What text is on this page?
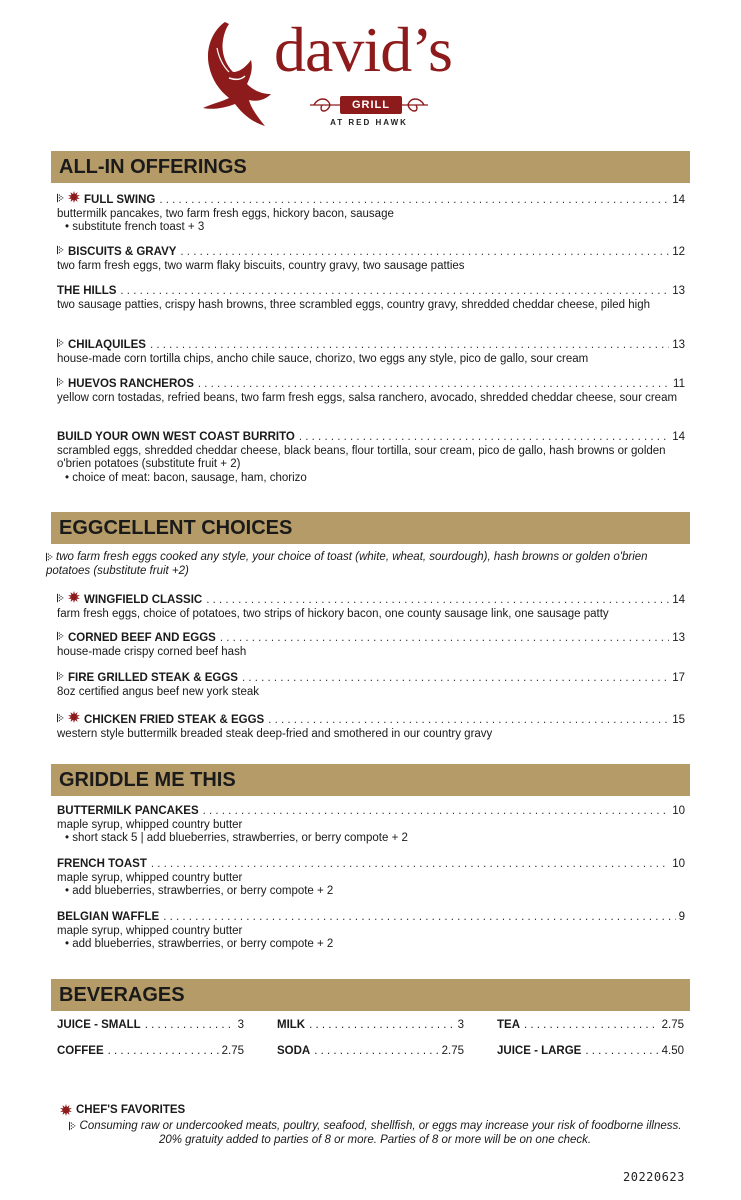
david’s
GRILL
AT RED HAWK
ALL-IN OFFERINGS
FULL SWING . . .	14
buttermilk pancakes, two farm fresh eggs, hickory bacon, sausage
• substitute french toast + 3
BISCUITS & GRAVY . . .	12
two farm fresh eggs, two warm flaky biscuits, country gravy, two sausage patties
THE HILLS . . .	13
two sausage patties, crispy hash browns, three scrambled eggs, country gravy, shredded cheddar cheese, piled high
CHILAQUILES . . .	13
house-made corn tortilla chips, ancho chile sauce, chorizo, two eggs any style, pico de gallo, sour cream
HUEVOS RANCHEROS . . .	11
yellow corn tostadas, refried beans, two farm fresh eggs, salsa ranchero, avocado, shredded cheddar cheese, sour cream
BUILD YOUR OWN WEST COAST BURRITO . . .	14
scrambled eggs, shredded cheddar cheese, black beans, flour tortilla, sour cream, pico de gallo, hash browns or golden o'brien potatoes (substitute fruit + 2)
• choice of meat: bacon, sausage, ham, chorizo
EGGCELLENT CHOICES
two farm fresh eggs cooked any style, your choice of toast (white, wheat, sourdough), hash browns or golden o'brien potatoes (substitute fruit +2)
WINGFIELD CLASSIC . . .	14
farm fresh eggs, choice of potatoes, two strips of hickory bacon, one county sausage link, one sausage patty
CORNED BEEF AND EGGS . . .	13
house-made crispy corned beef hash
FIRE GRILLED STEAK & EGGS . . .	17
8oz certified angus beef new york steak
CHICKEN FRIED STEAK & EGGS . . .	15
western style buttermilk breaded steak deep-fried and smothered in our country gravy
GRIDDLE ME THIS
BUTTERMILK PANCAKES . . .	10
maple syrup, whipped country butter
• short stack 5 | add blueberries, strawberries, or berry compote + 2
FRENCH TOAST . . .	10
maple syrup, whipped country butter
• add blueberries, strawberries, or berry compote + 2
BELGIAN WAFFLE . . .	9
maple syrup, whipped country butter
• add blueberries, strawberries, or berry compote + 2
BEVERAGES
JUICE - SMALL . . .	3	MILK . . .	3	TEA . . .	2.75
COFFEE . . .	2.75	SODA . . .	2.75	JUICE - LARGE . . .	4.50
CHEF'S FAVORITES
Consuming raw or undercooked meats, poultry, seafood, shellfish, or eggs may increase your risk of foodborne illness. 20% gratuity added to parties of 8 or more. Parties of 8 or more will be on one check.
20220623
